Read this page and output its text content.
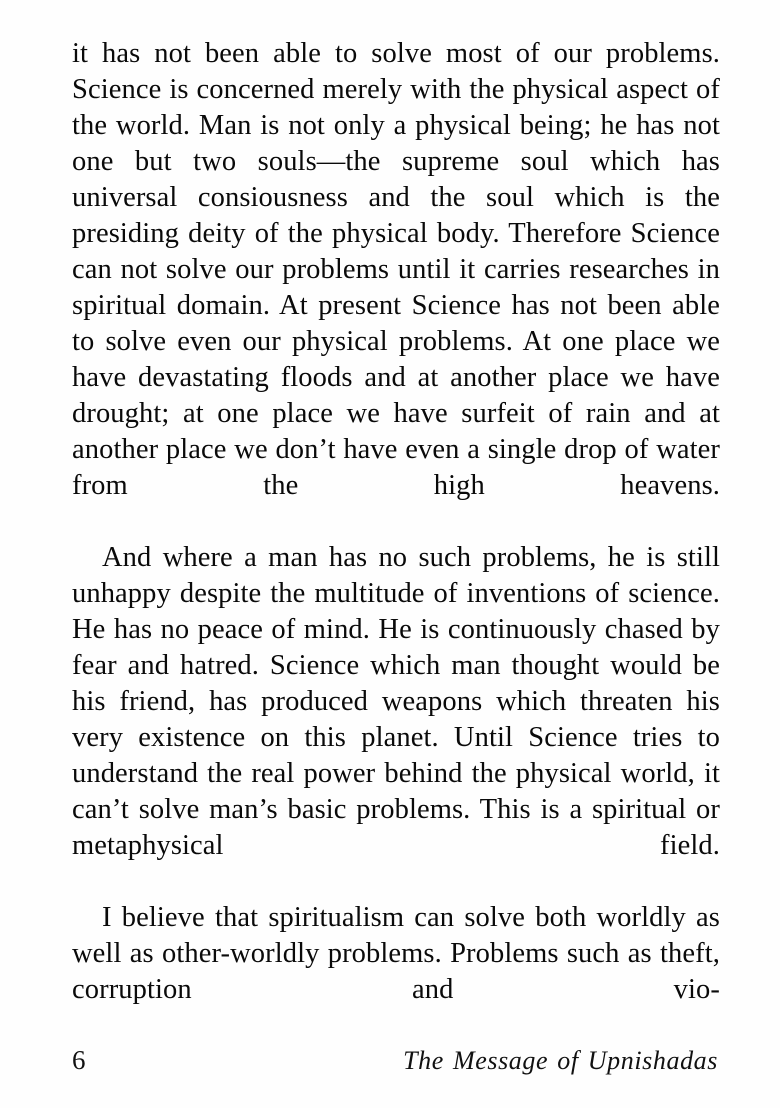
it has not been able to solve most of our problems. Science is concerned merely with the physical aspect of the world. Man is not only a physical being; he has not one but two souls—the supreme soul which has universal consiousness and the soul which is the presiding deity of the physical body. Therefore Science can not solve our problems until it carries researches in spiritual domain. At present Science has not been able to solve even our physical problems. At one place we have devastating floods and at another place we have drought; at one place we have surfeit of rain and at another place we don’t have even a single drop of water from the high heavens.

And where a man has no such problems, he is still unhappy despite the multitude of inventions of science. He has no peace of mind. He is continuously chased by fear and hatred. Science which man thought would be his friend, has produced weapons which threaten his very existence on this planet. Until Science tries to understand the real power behind the physical world, it can’t solve man’s basic problems. This is a spiritual or metaphysical field.

I believe that spiritualism can solve both worldly as well as other-worldly problems. Problems such as theft, corruption and vio-

6	The Message of Upnishadas
